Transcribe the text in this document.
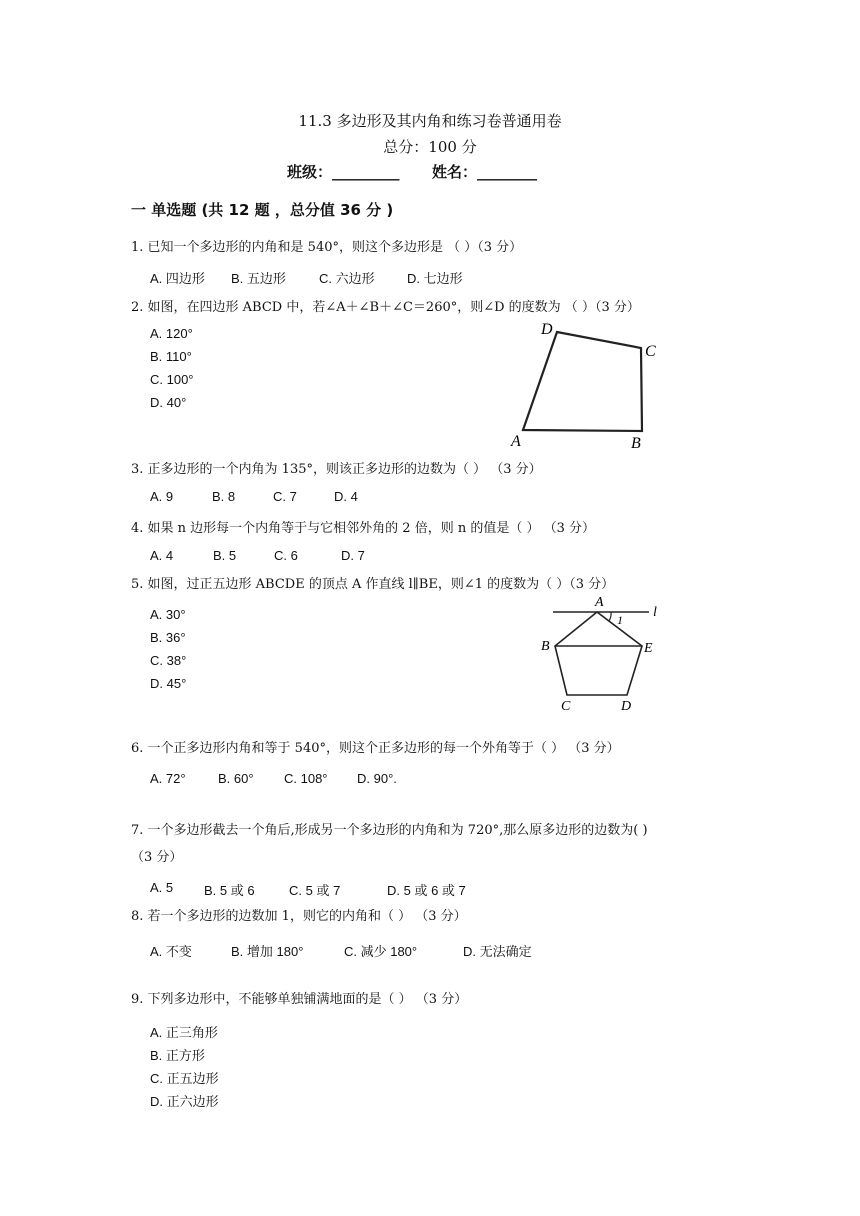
11.3 多边形及其内角和练习卷普通用卷
总分：100 分
班级：_________ 姓名：________
一 单选题 (共 12 题 ，总分值 36 分 )
1. 已知一个多边形的内角和是 540°，则这个多边形是 （ ）（3 分）
A. 四边形 B. 五边形	C. 六边形 D. 七边形
2. 如图，在四边形 ABCD 中，若∠A＋∠B＋∠C＝260°，则∠D 的度数为 （ ）（3 分）
A. 120°
B. 110°
C. 100°
D. 40°
D
C
A	B
3. 正多边形的一个内角为 135°，则该正多边形的边数为（ ） （3 分）
A. 9	B. 8	C. 7	D. 4
4. 如果 n 边形每一个内角等于与它相邻外角的 2 倍，则 n 的值是（ ） （3 分）
A. 4	B. 5	C. 6	D. 7
5. 如图，过正五边形 ABCDE 的顶点 A 作直线 l∥BE，则∠1 的度数为（ ）（3 分）
A. 30°
B. 36°
C. 38°
D. 45°
A
l
1
B	E
C	D
6. 一个正多边形内角和等于 540°，则这个正多边形的每一个外角等于（ ） （3 分）
A. 72° B. 60° C. 108° D. 90°.
7. 一个多边形截去一个角后,形成另一个多边形的内角和为 720°,那么原多边形的边数为( )
（3 分）
A. 5 B. 5 或 6	C. 5 或 7	D. 5 或 6 或 7
8. 若一个多边形的边数加 1，则它的内角和（ ） （3 分）
A. 不变	B. 增加 180°	C. 减少 180°	D. 无法确定
9. 下列多边形中，不能够单独铺满地面的是（ ） （3 分）
A. 正三角形
B. 正方形
C. 正五边形
D. 正六边形
